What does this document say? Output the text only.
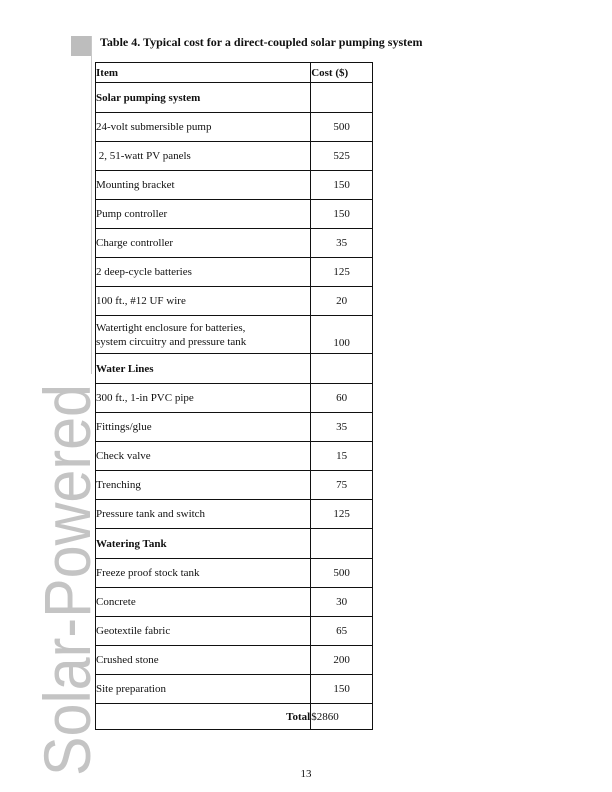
Solar-Powered
Table 4. Typical cost for a direct-coupled solar pumping system
Item	Cost ($)
Solar pumping system	
24-volt submersible pump	500
2, 51-watt PV panels	525
Mounting bracket	150
Pump controller	150
Charge controller	35
2 deep-cycle batteries	125
100 ft., #12 UF wire	20

Watertight enclosure for batteries,
system circuitry and pressure tank	100
Water Lines	
300 ft., 1-in PVC pipe	60
Fittings/glue	35
Check valve	15
Trenching	75
Pressure tank and switch	125
Watering Tank	
Freeze proof stock tank	500
Concrete	30
Geotextile fabric	65
Crushed stone	200
Site preparation	150
Total	$2860
13
